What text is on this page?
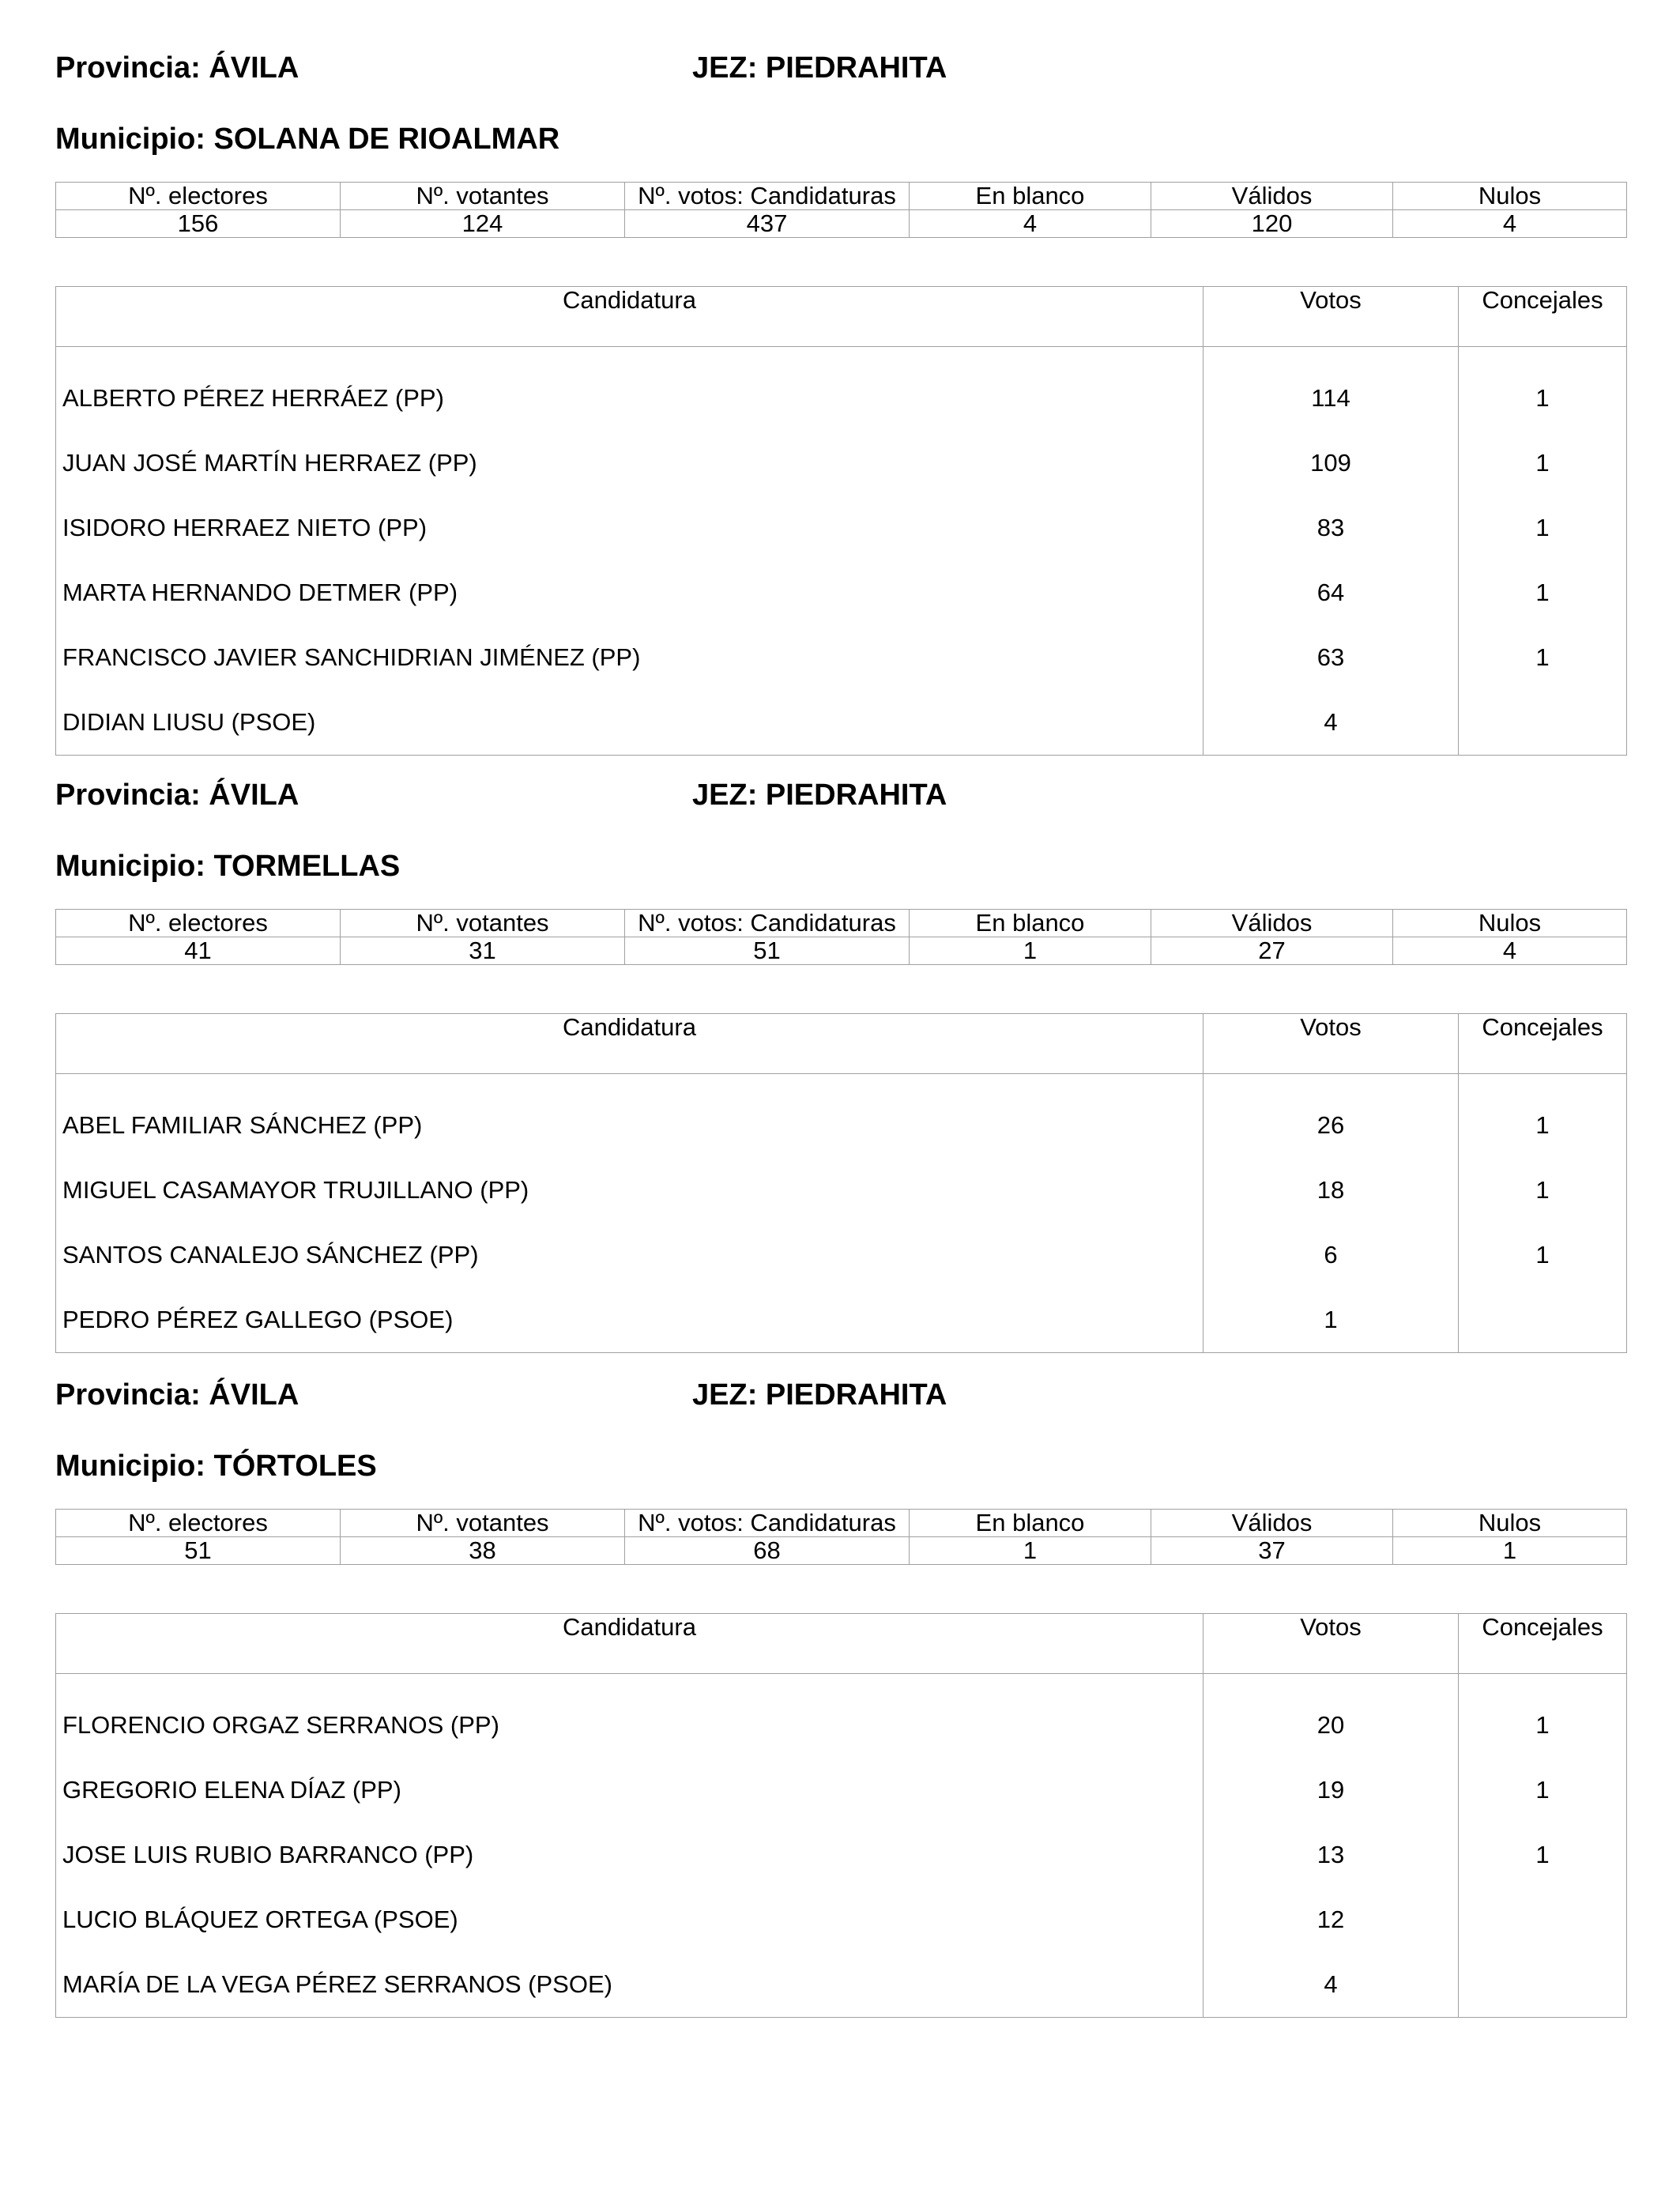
Provincia: ÁVILA	JEZ: PIEDRAHITA
Municipio: SOLANA DE RIOALMAR
Nº. electores	Nº. votantes	Nº. votos: Candidaturas	En blanco	Válidos	Nulos
156	124	437	4	120	4
Candidatura	Votos	Concejales
ALBERTO PÉREZ HERRÁEZ (PP)	114	1
JUAN JOSÉ MARTÍN HERRAEZ (PP)	109	1
ISIDORO HERRAEZ NIETO (PP)	83	1
MARTA HERNANDO DETMER (PP)	64	1
FRANCISCO JAVIER SANCHIDRIAN JIMÉNEZ (PP)	63	1
DIDIAN LIUSU (PSOE)	4	
Provincia: ÁVILA	JEZ: PIEDRAHITA
Municipio: TORMELLAS
Nº. electores	Nº. votantes	Nº. votos: Candidaturas	En blanco	Válidos	Nulos
41	31	51	1	27	4
Candidatura	Votos	Concejales
ABEL FAMILIAR SÁNCHEZ (PP)	26	1
MIGUEL CASAMAYOR TRUJILLANO (PP)	18	1
SANTOS CANALEJO SÁNCHEZ (PP)	6	1
PEDRO PÉREZ GALLEGO (PSOE)	1	
Provincia: ÁVILA	JEZ: PIEDRAHITA
Municipio: TÓRTOLES
Nº. electores	Nº. votantes	Nº. votos: Candidaturas	En blanco	Válidos	Nulos
51	38	68	1	37	1
Candidatura	Votos	Concejales
FLORENCIO ORGAZ SERRANOS (PP)	20	1
GREGORIO ELENA DÍAZ (PP)	19	1
JOSE LUIS RUBIO BARRANCO (PP)	13	1
LUCIO BLÁQUEZ ORTEGA (PSOE)	12	
MARÍA DE LA VEGA PÉREZ SERRANOS (PSOE)	4	
